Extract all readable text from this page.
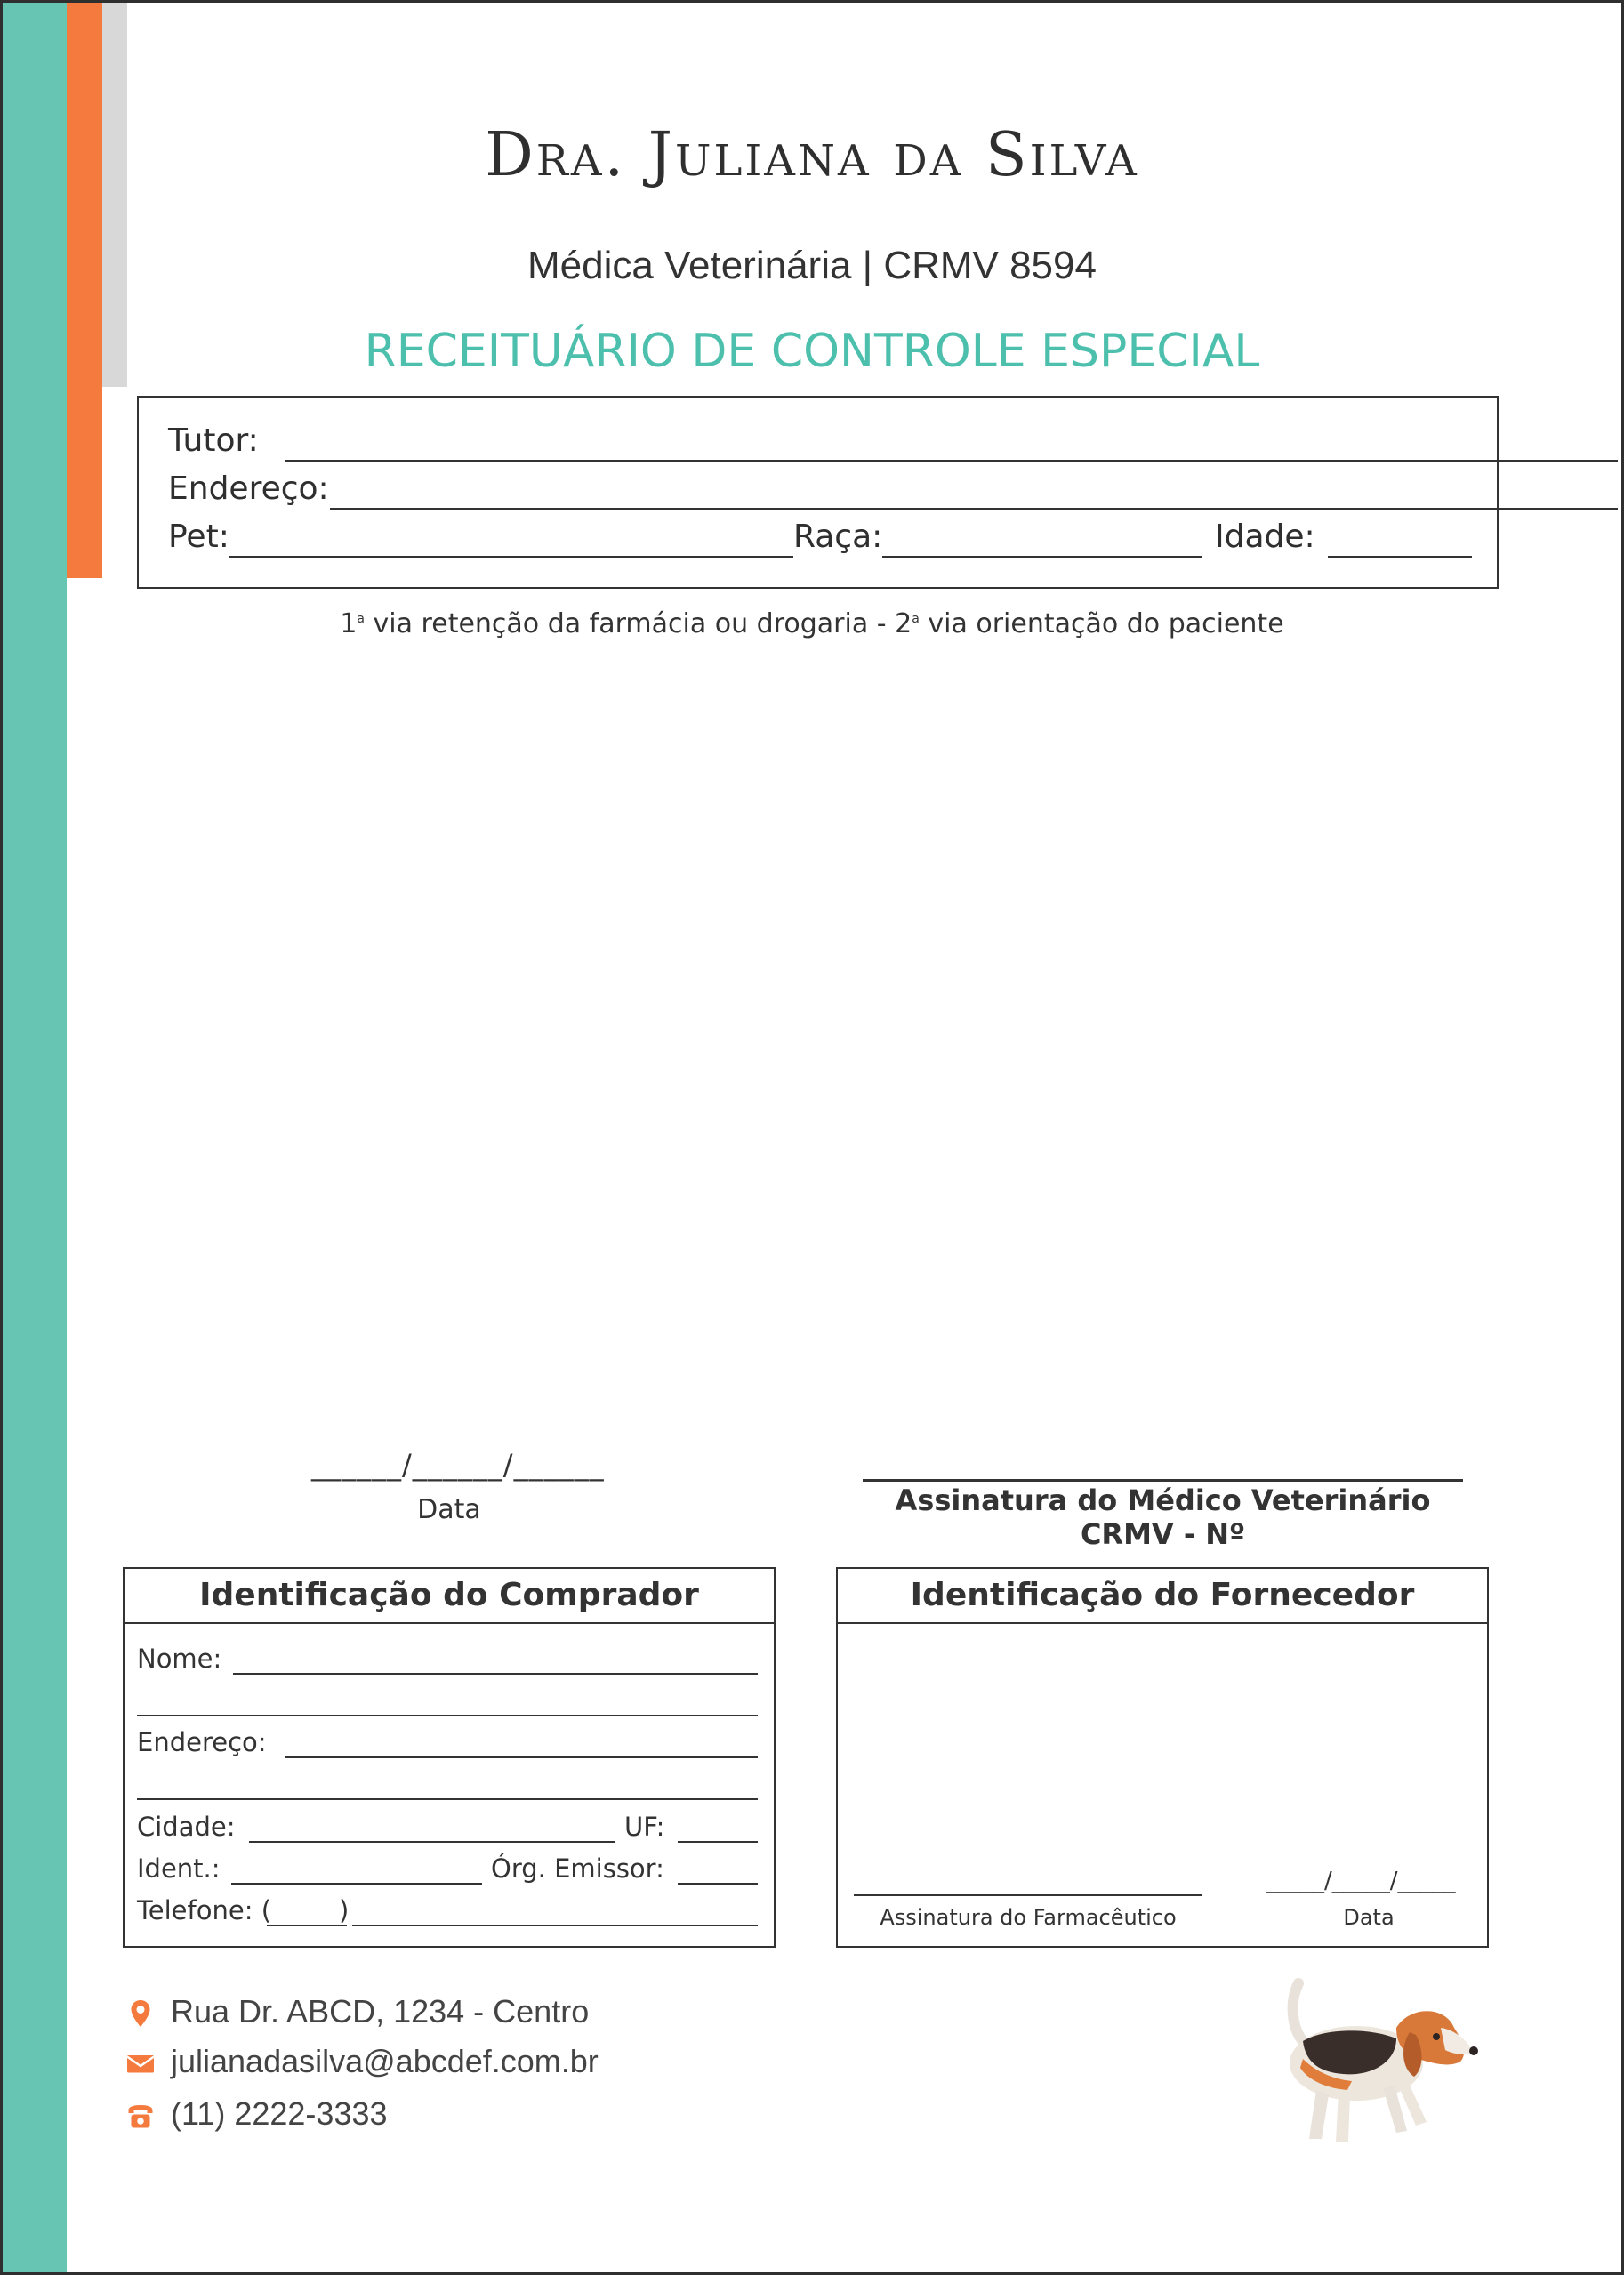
Dra. Juliana da Silva
Médica Veterinária | CRMV 8594
RECEITUÁRIO DE CONTROLE ESPECIAL
Tutor:
Endereço:
Pet:	Raça:	Idade:
1$^a$ via retenção da farmácia ou drogaria - 2$^a$ via orientação do paciente
______/______/______
Data	Assinatura do Médico Veterinário
CRMV - Nº
Identificação do Comprador
Nome:
Endereço:
Cidade:	UF:
Ident.:	Órg. Emissor:
Telefone: (	)
Identificação do Fornecedor
Assinatura do Farmacêutico
_____/_____/_____
Data
Rua Dr. ABCD, 1234 - Centro
julianadasilva@abcdef.com.br
(11) 2222-3333
